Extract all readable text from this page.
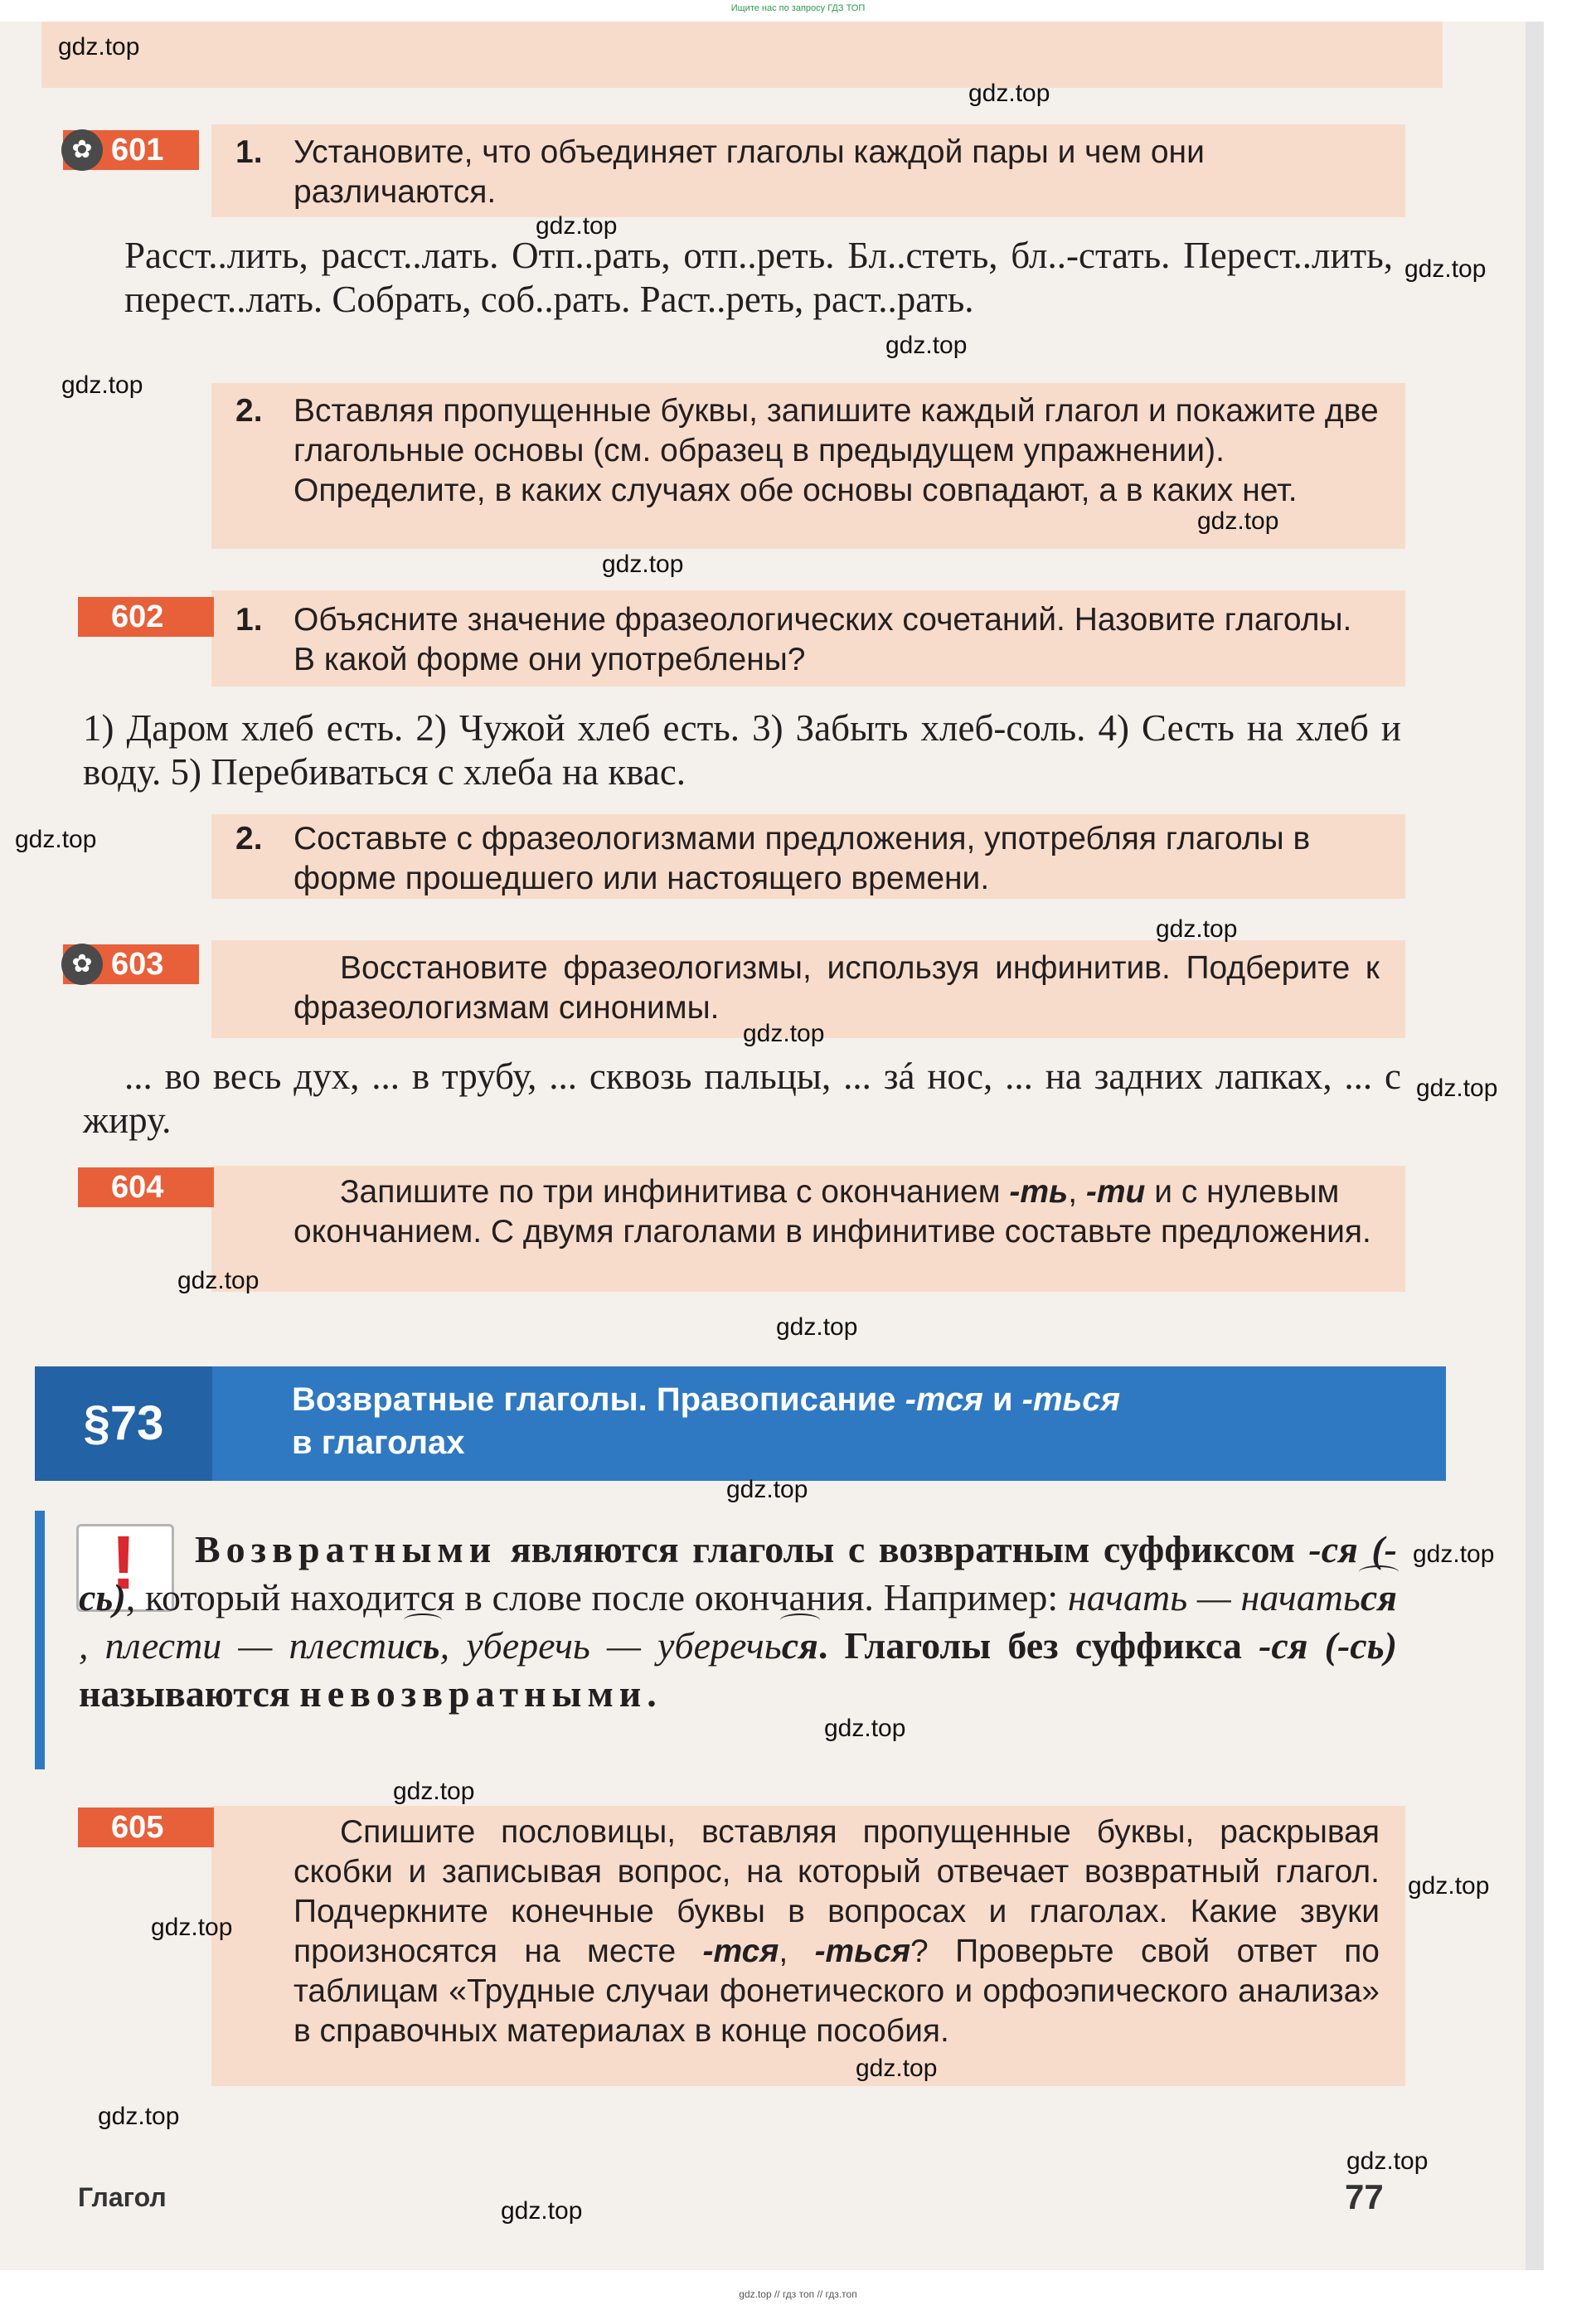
Ищите нас по запросу ГДЗ ТОП
✿ 601	1. Установите, что объединяет глаголы каждой пары и чем они различаются.
Расст..лить, расст..лать. Отп..рать, отп..реть. Бл..стеть, бл..-стать. Перест..лить, перест..лать. Собрать, соб..рать. Раст..реть, раст..рать.
2. Вставляя пропущенные буквы, запишите каждый глагол и покажите две глагольные основы (см. образец в предыдущем упражнении). Определите, в каких случаях обе основы совпадают, а в каких нет.
602	1. Объясните значение фразеологических сочетаний. Назовите глаголы. В какой форме они употреблены?
1) Даром хлеб есть. 2) Чужой хлеб есть. 3) Забыть хлеб-соль. 4) Сесть на хлеб и воду. 5) Перебиваться с хлеба на квас.
2. Составьте с фразеологизмами предложения, употребляя глаголы в форме прошедшего или настоящего времени.
✿ 603	Восстановите фразеологизмы, используя инфинитив. Подберите к фразеологизмам синонимы.
... во весь дух, ... в трубу, ... сквозь пальцы, ... зá нос, ... на задних лапках, ... с жиру.
604	Запишите по три инфинитива с окончанием -ть, -ти и с нулевым окончанием. С двумя глаголами в инфинитиве составьте предложения.
§73	Возвратные глаголы. Правописание -тся и -ться
в глаголах
!	Возвратными являются глаголы с возвратным суффиксом -ся (-сь), который находится в слове после окончания. Например: начать — начаться, плести — плестись, уберечь — уберечься. Глаголы без суффикса -ся (-сь) называются невозвратными.
605	Спишите пословицы, вставляя пропущенные буквы, раскрывая скобки и записывая вопрос, на который отвечает возвратный глагол. Подчеркните конечные буквы в вопросах и глаголах. Какие звуки произносятся на месте -тся, -ться? Проверьте свой ответ по таблицам «Трудные случаи фонетического и орфоэпического анализа» в справочных материалах в конце пособия.
Глагол	77
gdz.top
gdz.top
gdz.top
gdz.top
gdz.top
gdz.top
gdz.top
gdz.top
gdz.top
gdz.top
gdz.top
gdz.top
gdz.top
gdz.top
gdz.top
gdz.top
gdz.top
gdz.top
gdz.top
gdz.top
gdz.top
gdz.top
gdz.top
gdz.top
gdz.top // гдз топ // гдз.топ
